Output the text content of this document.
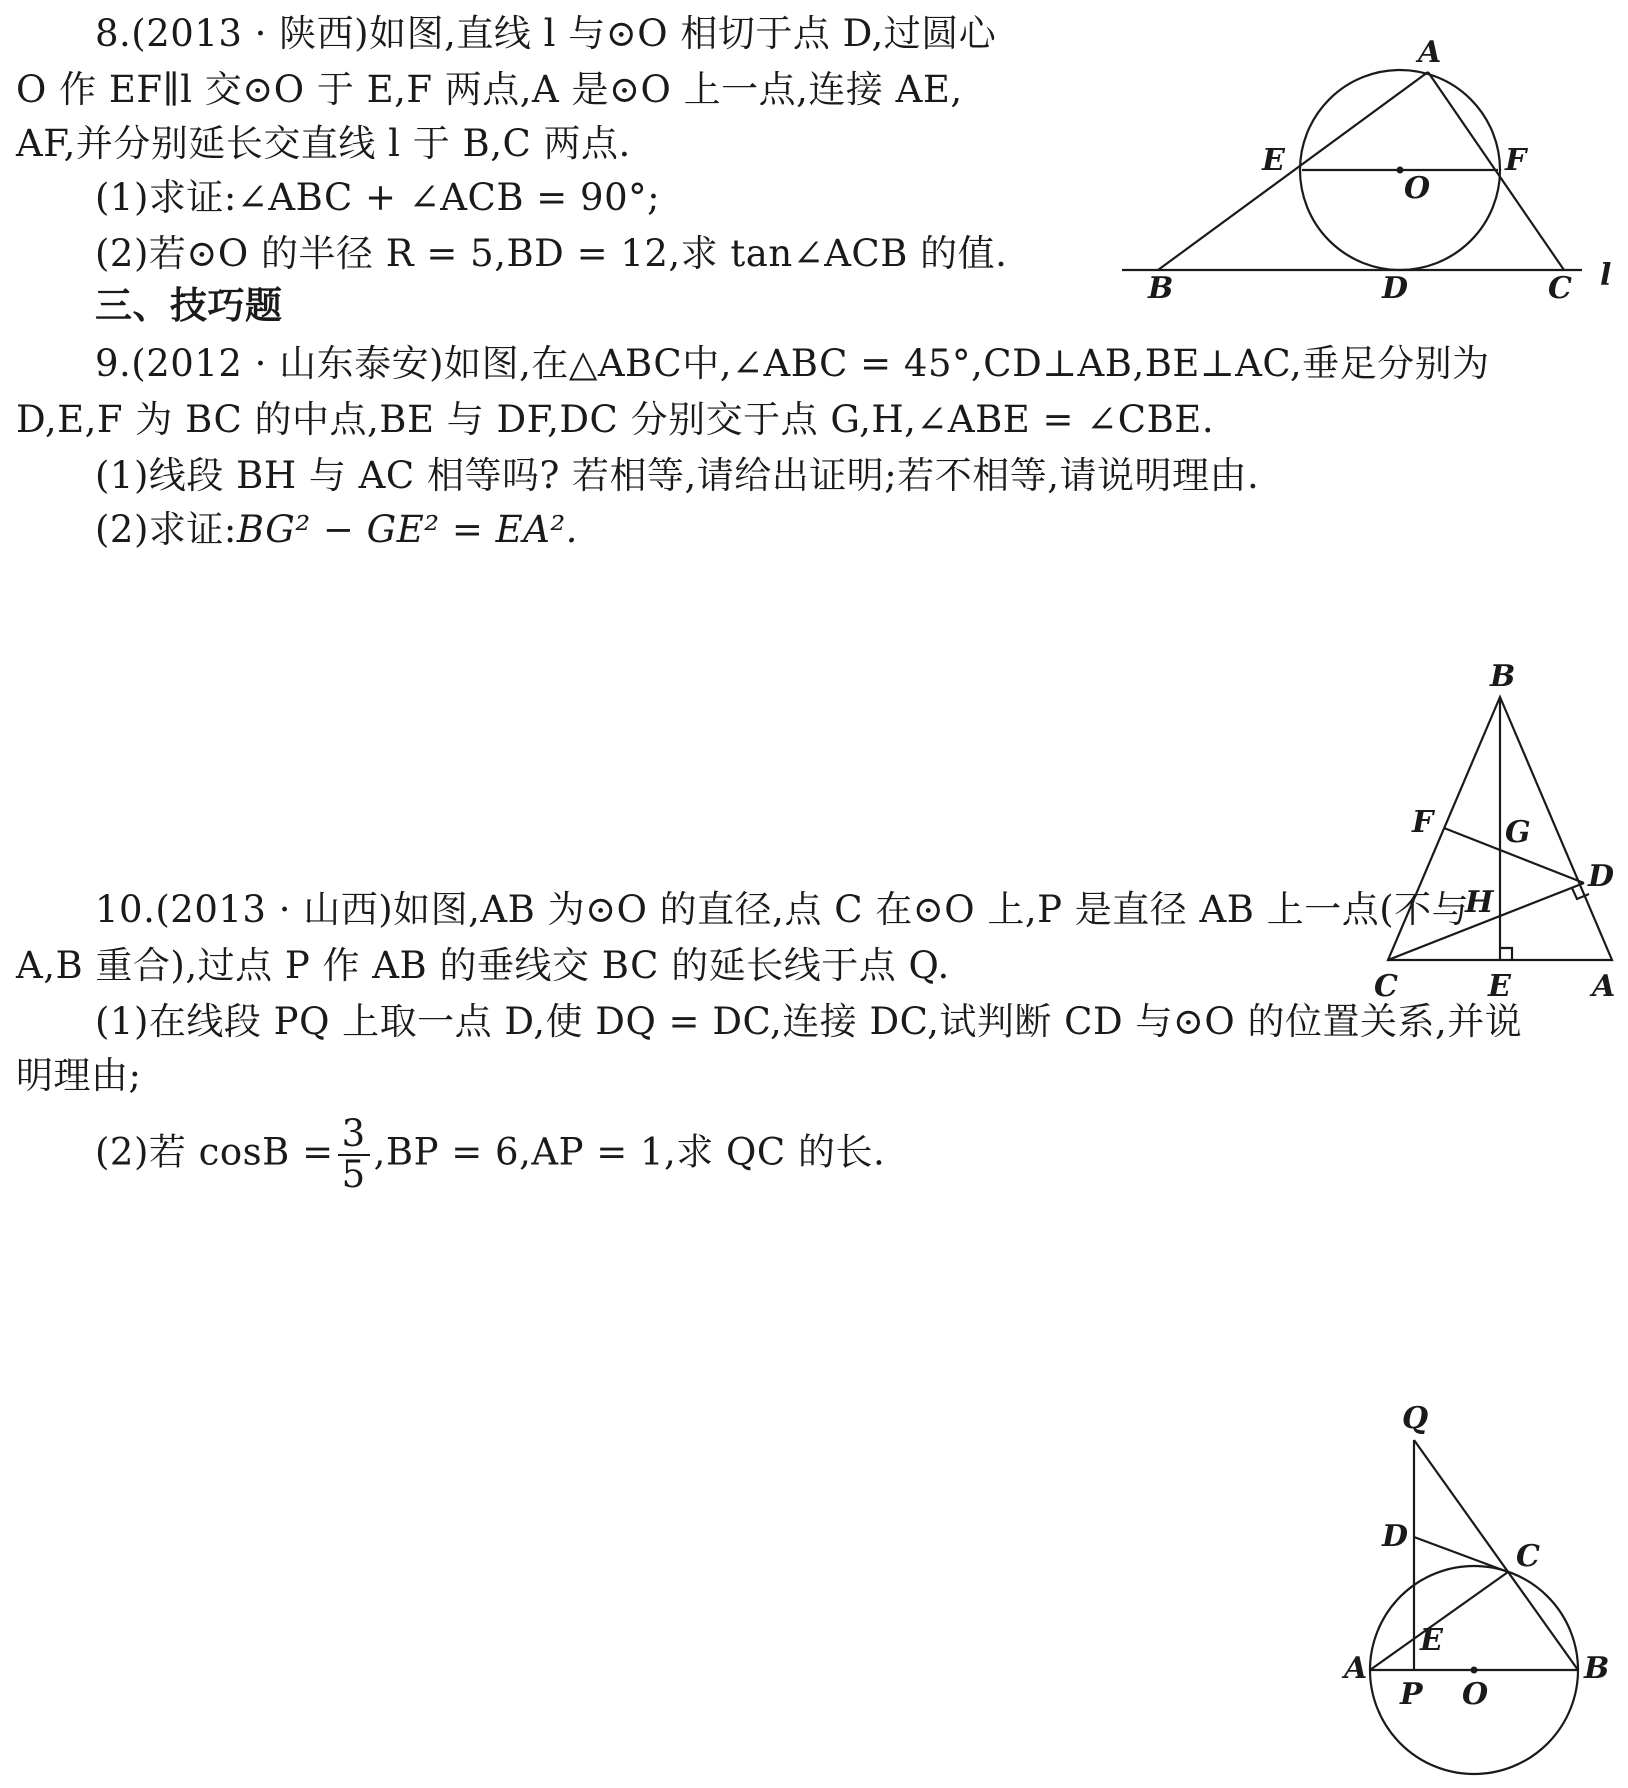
8.(2013 · 陕西)如图,直线 l 与⊙O 相切于点 D,过圆心
O 作 EF∥l 交⊙O 于 E,F 两点,A 是⊙O 上一点,连接 AE,
AF,并分别延长交直线 l 于 B,C 两点.
(1)求证:∠ABC + ∠ACB = 90°;
(2)若⊙O 的半径 R = 5,BD = 12,求 tan∠ACB 的值.
三、技巧题
9.(2012 · 山东泰安)如图,在△ABC中,∠ABC = 45°,CD⊥AB,BE⊥AC,垂足分别为
D,E,F 为 BC 的中点,BE 与 DF,DC 分别交于点 G,H,∠ABE = ∠CBE.
(1)线段 BH 与 AC 相等吗? 若相等,请给出证明;若不相等,请说明理由.
(2)求证:BG² − GE² = EA².
10.(2013 · 山西)如图,AB 为⊙O 的直径,点 C 在⊙O 上,P 是直径 AB 上一点(不与
A,B 重合),过点 P 作 AB 的垂线交 BC 的延长线于点 Q.
(1)在线段 PQ 上取一点 D,使 DQ = DC,连接 DC,试判断 CD 与⊙O 的位置关系,并说
明理由;
(2)若 $\cos B = \frac{3}{5} ,BP = 6,AP = 1$,求 QC 的长.
A
E	F
O
B	D	C l
B
F G
D
H
C	E	A
Q
D
C
E
A
P O
B
